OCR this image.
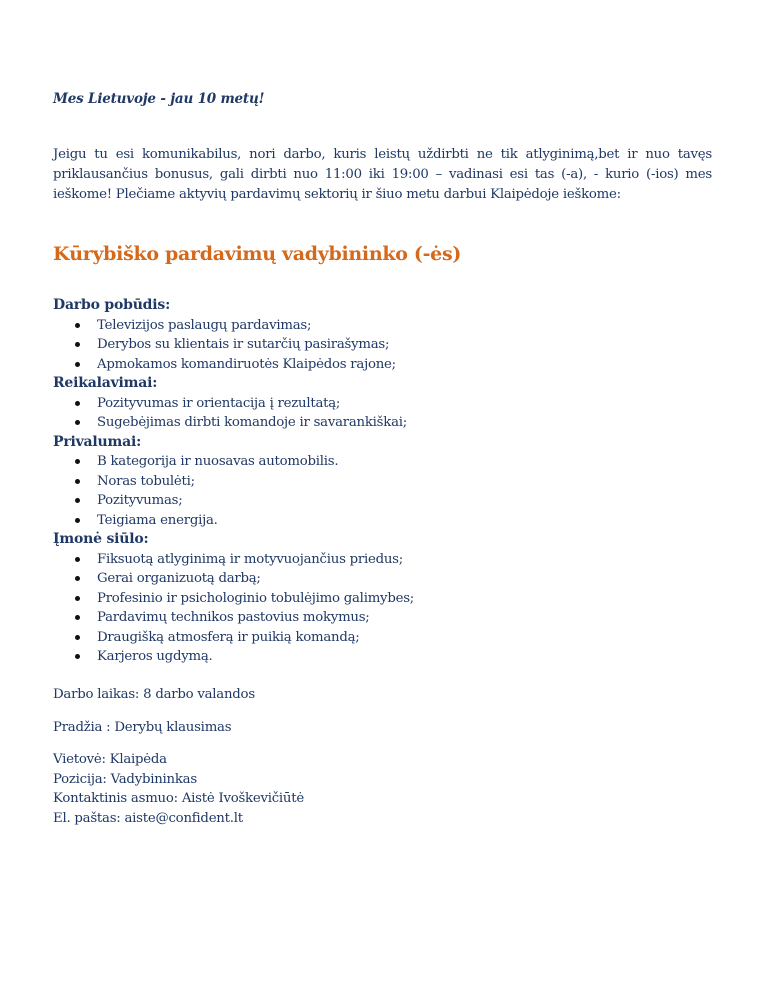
Mes Lietuvoje - jau 10 metų!
Jeigu tu esi komunikabilus, nori darbo, kuris leistų uždirbti ne tik atlyginimą,bet ir nuo tavęs priklausančius bonusus, gali dirbti nuo 11:00 iki 19:00 – vadinasi esi tas (-a), - kurio (-ios) mes ieškome! Plečiame aktyvių pardavimų sektorių ir šiuo metu darbui Klaipėdoje ieškome:
Kūrybiško pardavimų vadybininko (-ės)
Darbo pobūdis:
Televizijos paslaugų pardavimas;
Derybos su klientais ir sutarčių pasirašymas;
Apmokamos komandiruotės Klaipėdos rajone;
Reikalavimai:
Pozityvumas ir orientacija į rezultatą;
Sugebėjimas dirbti komandoje ir savarankiškai;
Privalumai:
B kategorija ir nuosavas automobilis.
Noras tobulėti;
Pozityvumas;
Teigiama energija.
Įmonė siūlo:
Fiksuotą atlyginimą ir motyvuojančius priedus;
Gerai organizuotą darbą;
Profesinio ir psichologinio tobulėjimo galimybes;
Pardavimų technikos pastovius mokymus;
Draugišką atmosferą ir puikią komandą;
Karjeros ugdymą.
Darbo laikas: 8 darbo valandos
Pradžia : Derybų klausimas
Vietovė: Klaipėda
Pozicija: Vadybininkas
Kontaktinis asmuo: Aistė Ivoškevičiūtė
El. paštas: aiste@confident.lt
